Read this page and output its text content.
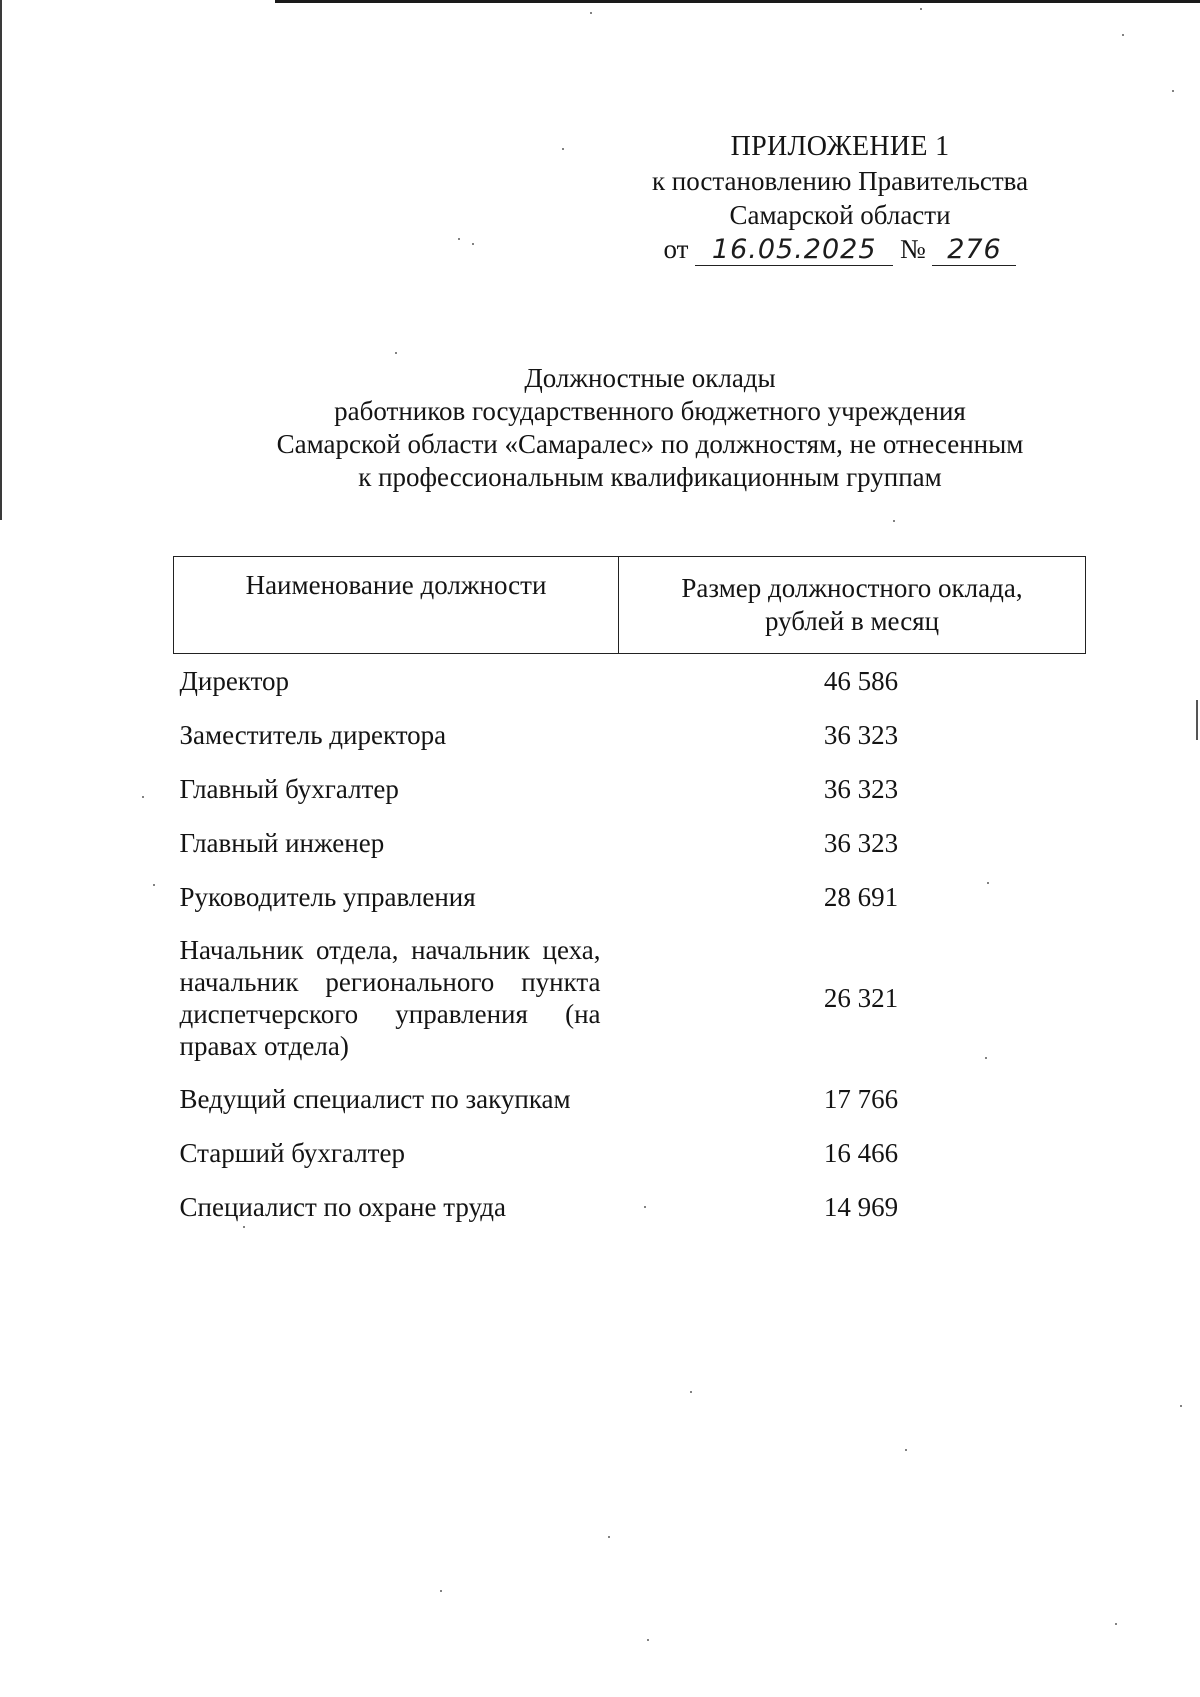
ПРИЛОЖЕНИЕ 1
к постановлению Правительства
Самарской области
от 16.05.2025 № 276
Должностные оклады
работников государственного бюджетного учреждения
Самарской области «Самаралес» по должностям, не отнесенным
к профессиональным квалификационным группам
Наименование должности	Размер должностного оклада,
рублей в месяц

Директор	46 586
Заместитель директора	36 323
Главный бухгалтер	36 323
Главный инженер	36 323
Руководитель управления	28 691
Начальник отдела, начальник цеха, начальник регионального пункта диспетчерского управления (на правах отдела)	26 321
Ведущий специалист по закупкам	17 766
Старший бухгалтер	16 466
Специалист по охране труда	14 969
